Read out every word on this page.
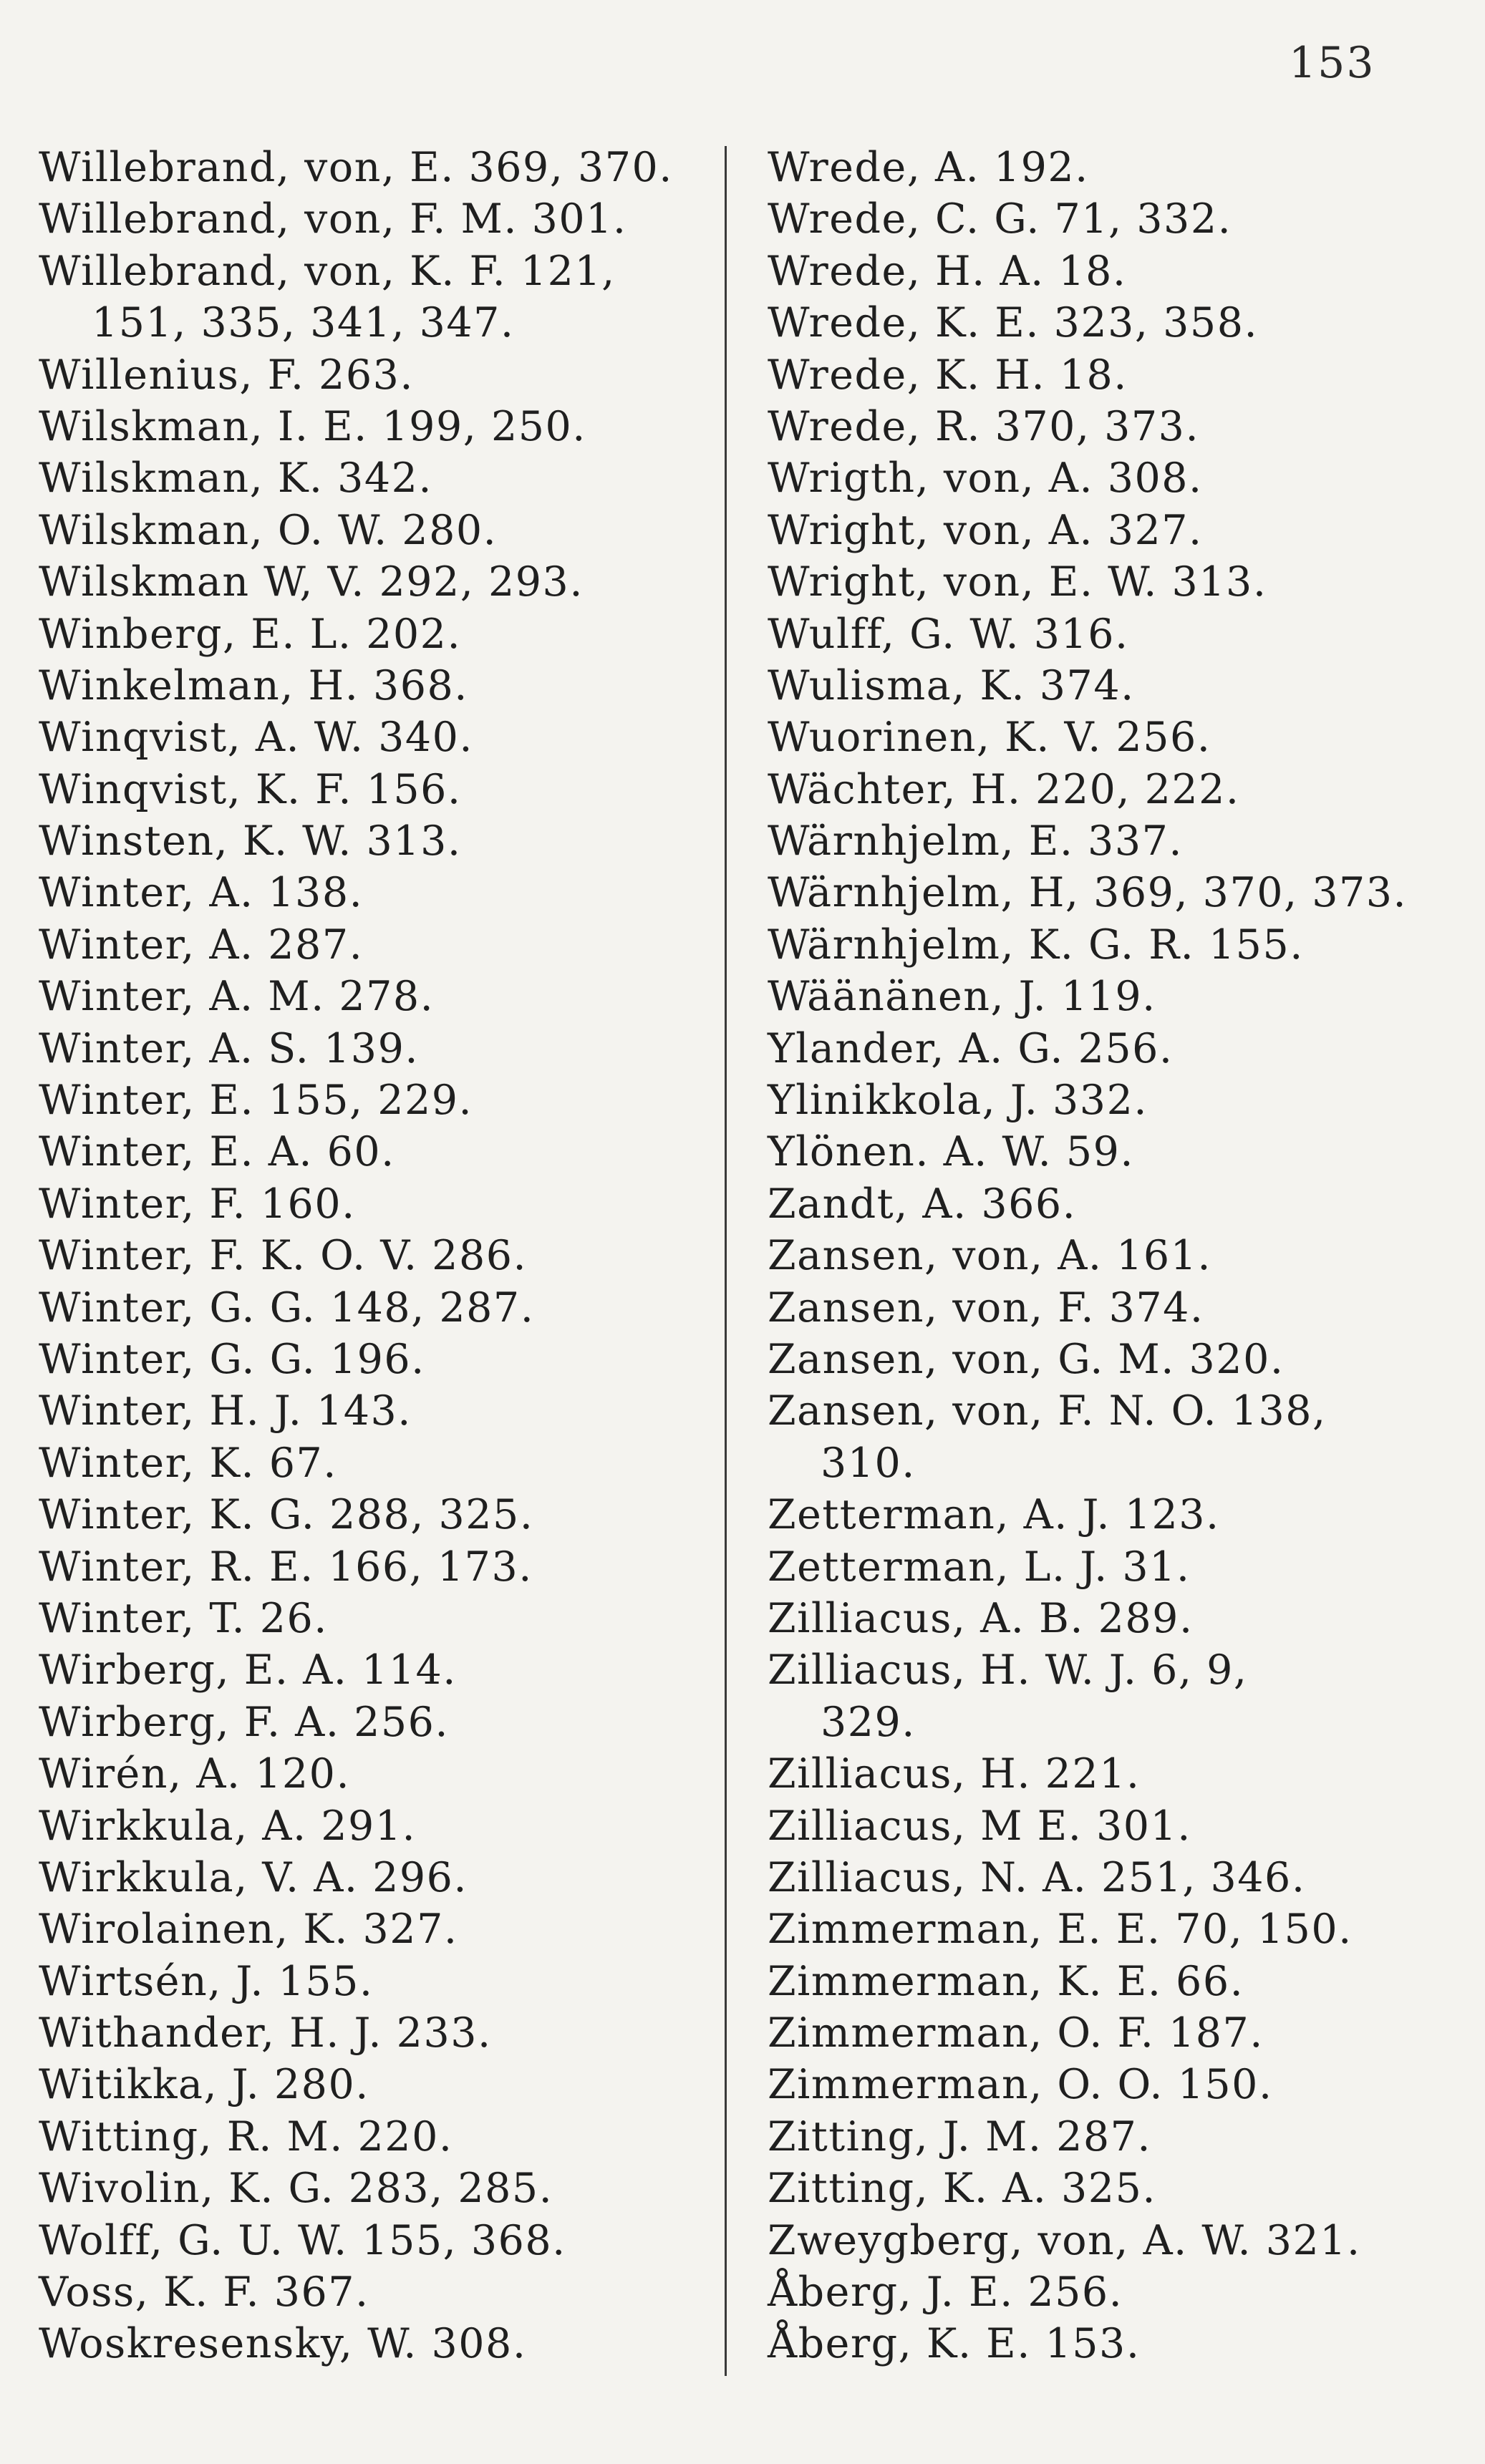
153
Willebrand, von, E. 369, 370.
Willebrand, von, F. M. 301.
Willebrand, von, K. F. 121,
151, 335, 341, 347.
Willenius, F. 263.
Wilskman, I. E. 199, 250.
Wilskman, K. 342.
Wilskman, O. W. 280.
Wilskman W, V. 292, 293.
Winberg, E. L. 202.
Winkelman, H. 368.
Winqvist, A. W. 340.
Winqvist, K. F. 156.
Winsten, K. W. 313.
Winter, A. 138.
Winter, A. 287.
Winter, A. M. 278.
Winter, A. S. 139.
Winter, E. 155, 229.
Winter, E. A. 60.
Winter, F. 160.
Winter, F. K. O. V. 286.
Winter, G. G. 148, 287.
Winter, G. G. 196.
Winter, H. J. 143.
Winter, K. 67.
Winter, K. G. 288, 325.
Winter, R. E. 166, 173.
Winter, T. 26.
Wirberg, E. A. 114.
Wirberg, F. A. 256.
Wirén, A. 120.
Wirkkula, A. 291.
Wirkkula, V. A. 296.
Wirolainen, K. 327.
Wirtsén, J. 155.
Withander, H. J. 233.
Witikka, J. 280.
Witting, R. M. 220.
Wivolin, K. G. 283, 285.
Wolff, G. U. W. 155, 368.
Voss, K. F. 367.
Woskresensky, W. 308.
Wrede, A. 192.
Wrede, C. G. 71, 332.
Wrede, H. A. 18.
Wrede, K. E. 323, 358.
Wrede, K. H. 18.
Wrede, R. 370, 373.
Wrigth, von, A. 308.
Wright, von, A. 327.
Wright, von, E. W. 313.
Wulff, G. W. 316.
Wulisma, K. 374.
Wuorinen, K. V. 256.
Wächter, H. 220, 222.
Wärnhjelm, E. 337.
Wärnhjelm, H, 369, 370, 373.
Wärnhjelm, K. G. R. 155.
Wäänänen, J. 119.
Ylander, A. G. 256.
Ylinikkola, J. 332.
Ylönen. A. W. 59.
Zandt, A. 366.
Zansen, von, A. 161.
Zansen, von, F. 374.
Zansen, von, G. M. 320.
Zansen, von, F. N. O. 138,
310.
Zetterman, A. J. 123.
Zetterman, L. J. 31.
Zilliacus, A. B. 289.
Zilliacus, H. W. J. 6, 9,
329.
Zilliacus, H. 221.
Zilliacus, M E. 301.
Zilliacus, N. A. 251, 346.
Zimmerman, E. E. 70, 150.
Zimmerman, K. E. 66.
Zimmerman, O. F. 187.
Zimmerman, O. O. 150.
Zitting, J. M. 287.
Zitting, K. A. 325.
Zweygberg, von, A. W. 321.
Åberg, J. E. 256.
Åberg, K. E. 153.
